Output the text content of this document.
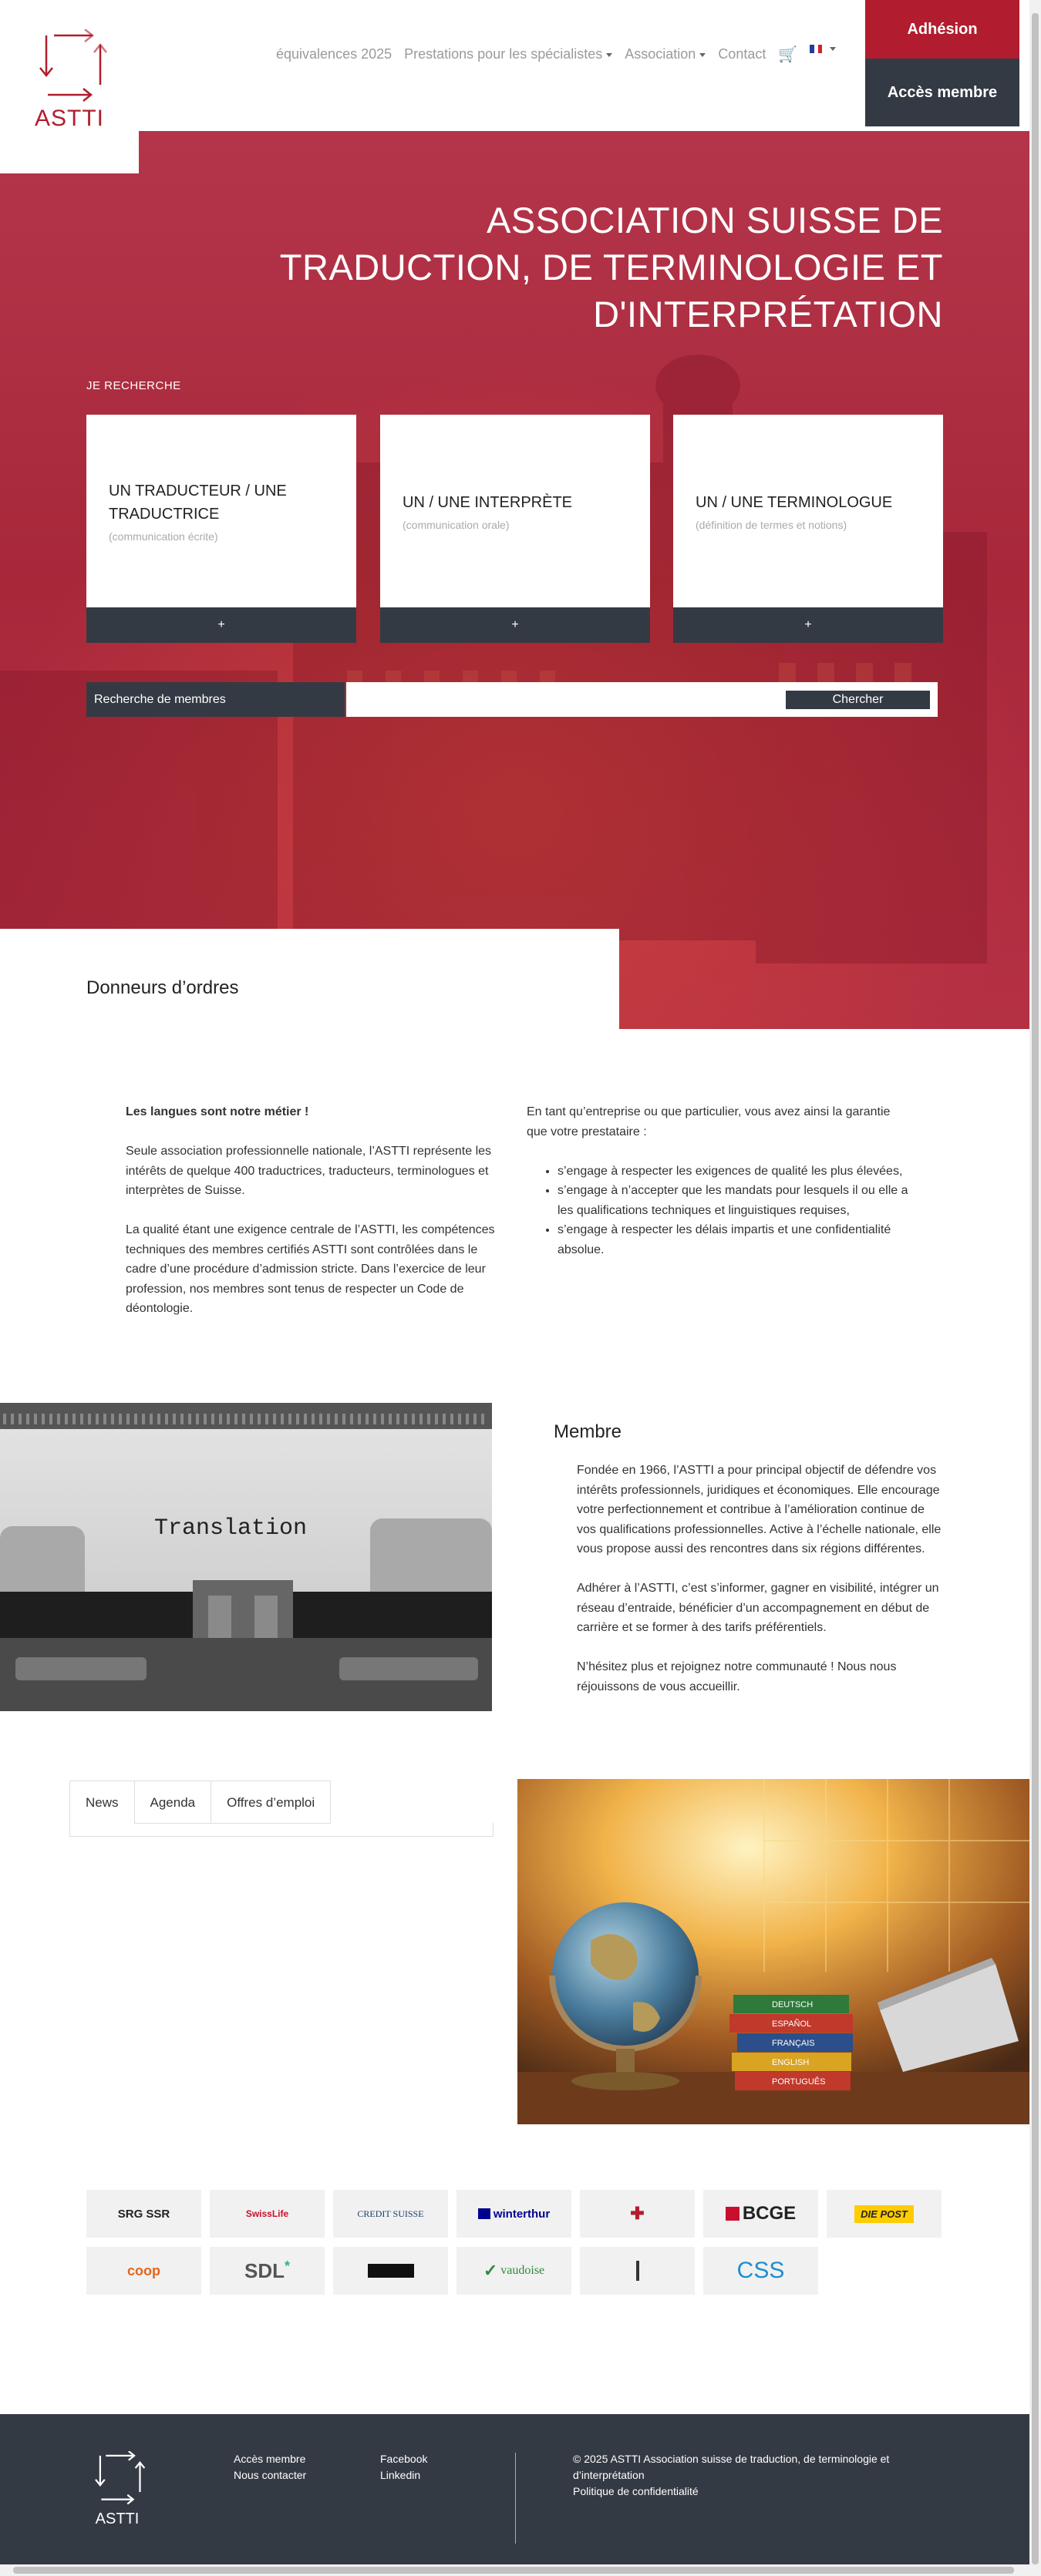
ASTTI
équivalences 2025 Prestations pour les spécialistes	Association	Contact 🛒

Adhésion
Accès membre
ASSOCIATION SUISSE DE
TRADUCTION, DE TERMINOLOGIE ET
D'INTERPRÉTATION
JE RECHERCHE
UN TRADUCTEUR / UNE TRADUCTRICE
(communication écrite)
+
UN / UNE INTERPRÈTE
(communication orale)
+
UN / UNE TERMINOLOGUE
(définition de termes et notions)
+
Recherche de membres	Chercher
Donneurs d’ordres

Les langues sont notre métier !

Seule association professionnelle nationale, l’ASTTI représente les intérêts de quelque 400 traductrices, traducteurs, terminologues et interprètes de Suisse.

La qualité étant une exigence centrale de l’ASTTI, les compétences techniques des membres certifiés ASTTI sont contrôlées dans le cadre d’une procédure d’admission stricte. Dans l’exercice de leur profession, nos membres sont tenus de respecter un Code de déontologie.

En tant qu’entreprise ou que particulier, vous avez ainsi la garantie que votre prestataire :

• s’engage à respecter les exigences de qualité les plus élevées,
• s’engage à n’accepter que les mandats pour lesquels il ou elle a les qualifications techniques et linguistiques requises,
• s’engage à respecter les délais impartis et une confidentialité absolue.
Translation
Membre

Fondée en 1966, l’ASTTI a pour principal objectif de défendre vos intérêts professionnels, juridiques et économiques. Elle encourage votre perfectionnement et contribue à l’amélioration continue de vos qualifications professionnelles. Active à l’échelle nationale, elle vous propose aussi des rencontres dans six régions différentes.

Adhérer à l’ASTTI, c’est s’informer, gagner en visibilité, intégrer un réseau d’entraide, bénéficier d’un accompagnement en début de carrière et se former à des tarifs préférentiels.

N’hésitez plus et rejoignez notre communauté ! Nous nous réjouissons de vous accueillir.

News	Agenda	Offres d’emploi
DEUTSCH
ESPAÑOL
FRANÇAIS
ENGLISH
PORTUGUÊS
SRG SSR	SwissLife	CREDIT SUISSE	winterthur	✚	BCGE	DIE POST
coop	SDL *	✓ vaudoise	CSS
ASTTI
Accès membre
Nous contacter
Facebook
Linkedin
© 2025 ASTTI Association suisse de traduction, de terminologie et d’interprétation
Politique de confidentialité
